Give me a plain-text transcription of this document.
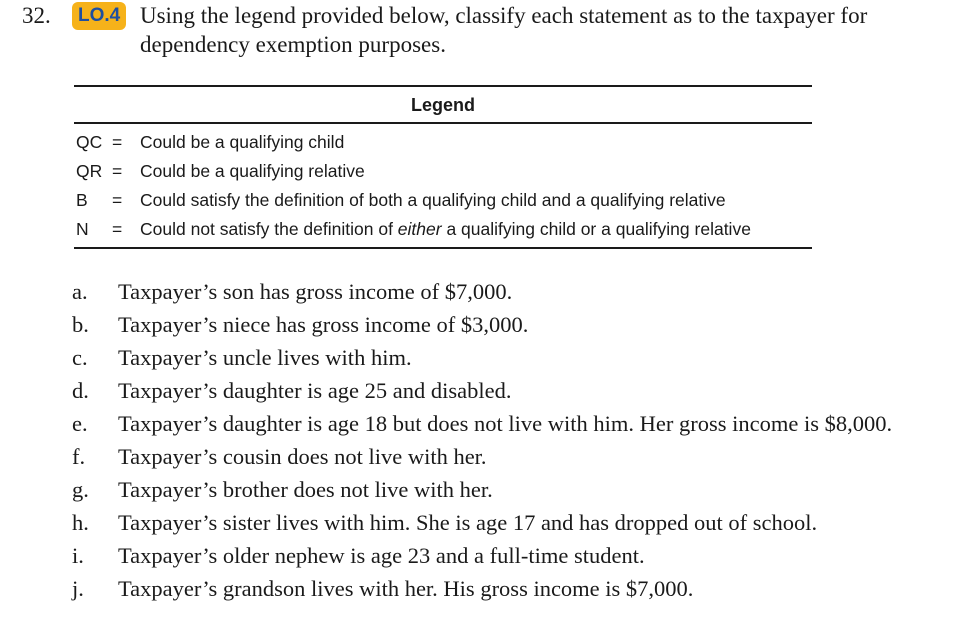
32.	LO.4 Using the legend provided below, classify each statement as to the taxpayer for dependency exemption purposes.
Legend
QC =	Could be a qualifying child
QR =	Could be a qualifying relative
B	=	Could satisfy the definition of both a qualifying child and a qualifying relative
N	=	Could not satisfy the definition of either a qualifying child or a qualifying relative
a.	Taxpayer’s son has gross income of $7,000.
b.	Taxpayer’s niece has gross income of $3,000.
c.	Taxpayer’s uncle lives with him.
d.	Taxpayer’s daughter is age 25 and disabled.
e.	Taxpayer’s daughter is age 18 but does not live with him. Her gross income is $8,000.
f.	Taxpayer’s cousin does not live with her.
g.	Taxpayer’s brother does not live with her.
h.	Taxpayer’s sister lives with him. She is age 17 and has dropped out of school.
i.	Taxpayer’s older nephew is age 23 and a full-time student.
j.	Taxpayer’s grandson lives with her. His gross income is $7,000.
